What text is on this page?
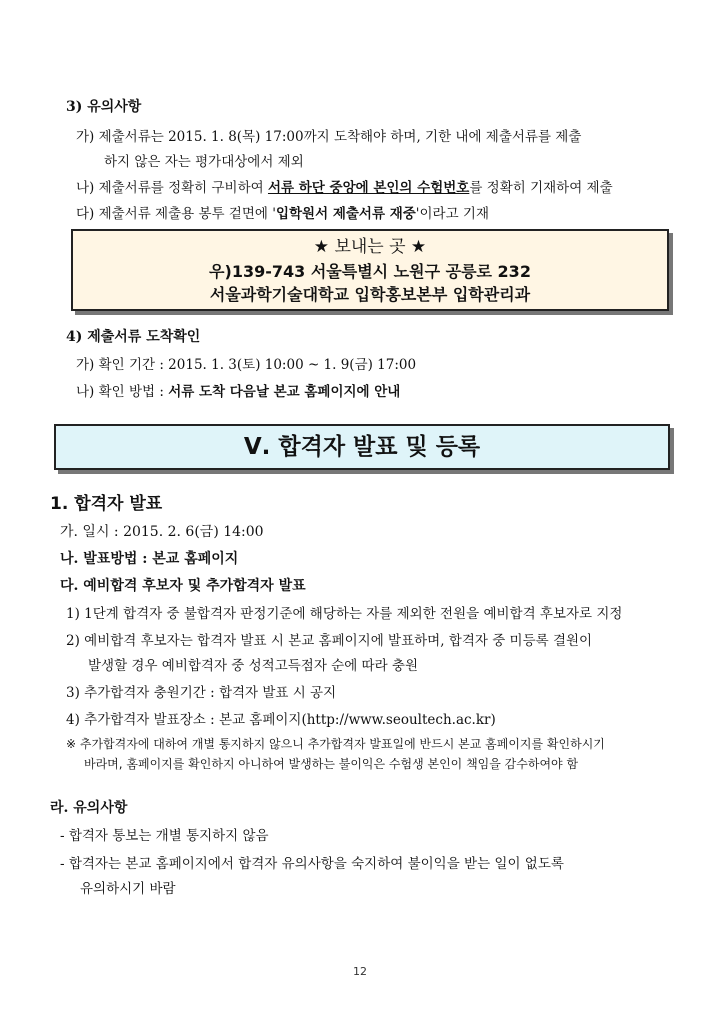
3) 유의사항
가) 제출서류는 2015. 1. 8(목) 17:00까지 도착해야 하며, 기한 내에 제출서류를 제출
하지 않은 자는 평가대상에서 제외
나) 제출서류를 정확히 구비하여 서류 하단 중앙에 본인의 수험번호를 정확히 기재하여 제출
다) 제출서류 제출용 봉투 겉면에 '입학원서 제출서류 재중'이라고 기재
★ 보내는 곳 ★
우)139-743 서울특별시 노원구 공릉로 232
서울과학기술대학교 입학홍보본부 입학관리과
4) 제출서류 도착확인
가) 확인 기간 : 2015. 1. 3(토) 10:00 ~ 1. 9(금) 17:00
나) 확인 방법 : 서류 도착 다음날 본교 홈페이지에 안내
Ⅴ. 합격자 발표 및 등록
1. 합격자 발표
가. 일시 : 2015. 2. 6(금) 14:00
나. 발표방법 : 본교 홈페이지
다. 예비합격 후보자 및 추가합격자 발표
1) 1단계 합격자 중 불합격자 판정기준에 해당하는 자를 제외한 전원을 예비합격 후보자로 지정
2) 예비합격 후보자는 합격자 발표 시 본교 홈페이지에 발표하며, 합격자 중 미등록 결원이
발생할 경우 예비합격자 중 성적고득점자 순에 따라 충원
3) 추가합격자 충원기간 : 합격자 발표 시 공지
4) 추가합격자 발표장소 : 본교 홈페이지(http://www.seoultech.ac.kr)
※ 추가합격자에 대하여 개별 통지하지 않으니 추가합격자 발표일에 반드시 본교 홈페이지를 확인하시기
바라며, 홈페이지를 확인하지 아니하여 발생하는 불이익은 수험생 본인이 책임을 감수하여야 함
라. 유의사항
- 합격자 통보는 개별 통지하지 않음
- 합격자는 본교 홈페이지에서 합격자 유의사항을 숙지하여 불이익을 받는 일이 없도록
유의하시기 바람
12
